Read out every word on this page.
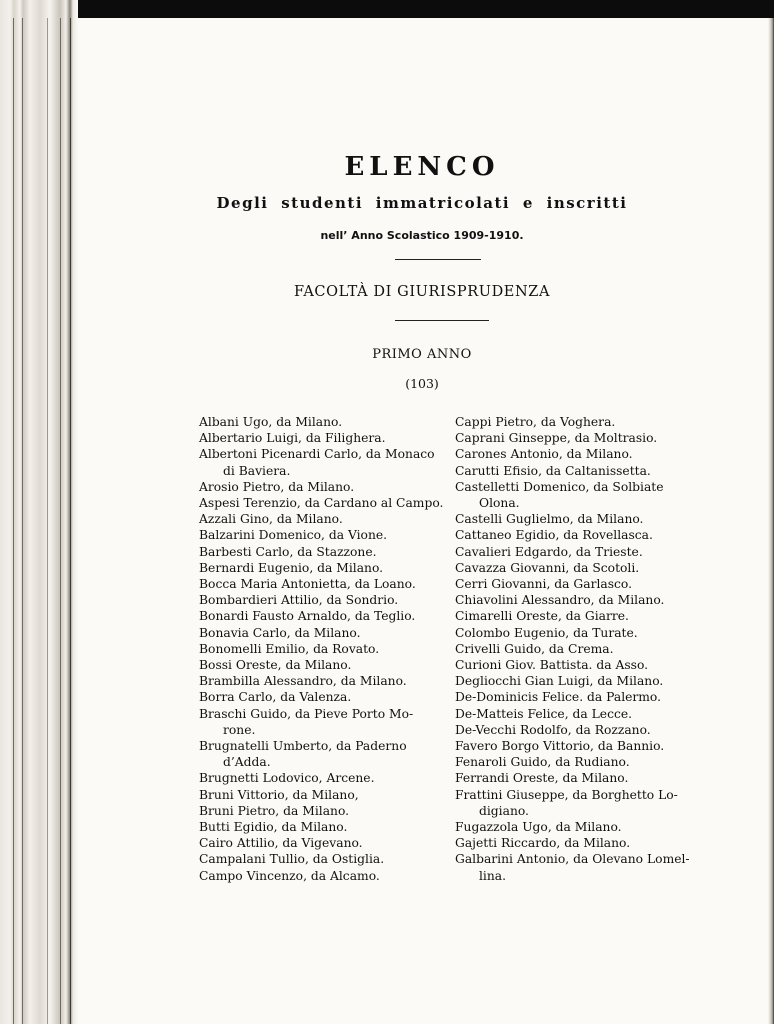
ELENCO
Degli studenti immatricolati e inscritti
nell’ Anno Scolastico 1909-1910.
FACOLTÀ DI GIURISPRUDENZA
PRIMO ANNO
(103)
Albani Ugo, da Milano.
Albertario Luigi, da Filighera.
Albertoni Picenardi Carlo, da Monaco
di Baviera.
Arosio Pietro, da Milano.
Aspesi Terenzio, da Cardano al Campo.
Azzali Gino, da Milano.
Balzarini Domenico, da Vione.
Barbesti Carlo, da Stazzone.
Bernardi Eugenio, da Milano.
Bocca Maria Antonietta, da Loano.
Bombardieri Attilio, da Sondrio.
Bonardi Fausto Arnaldo, da Teglio.
Bonavia Carlo, da Milano.
Bonomelli Emilio, da Rovato.
Bossi Oreste, da Milano.
Brambilla Alessandro, da Milano.
Borra Carlo, da Valenza.
Braschi Guido, da Pieve Porto Mo-
rone.
Brugnatelli Umberto, da Paderno
d’Adda.
Brugnetti Lodovico, Arcene.
Bruni Vittorio, da Milano,
Bruni Pietro, da Milano.
Butti Egidio, da Milano.
Cairo Attilio, da Vigevano.
Campalani Tullio, da Ostiglia.
Campo Vincenzo, da Alcamo.
Cappi Pietro, da Voghera.
Caprani Ginseppe, da Moltrasio.
Carones Antonio, da Milano.
Carutti Efisio, da Caltanissetta.
Castelletti Domenico, da Solbiate
Olona.
Castelli Guglielmo, da Milano.
Cattaneo Egidio, da Rovellasca.
Cavalieri Edgardo, da Trieste.
Cavazza Giovanni, da Scotoli.
Cerri Giovanni, da Garlasco.
Chiavolini Alessandro, da Milano.
Cimarelli Oreste, da Giarre.
Colombo Eugenio, da Turate.
Crivelli Guido, da Crema.
Curioni Giov. Battista. da Asso.
Degliocchi Gian Luigi, da Milano.
De-Dominicis Felice. da Palermo.
De-Matteis Felice, da Lecce.
De-Vecchi Rodolfo, da Rozzano.
Favero Borgo Vittorio, da Bannio.
Fenaroli Guido, da Rudiano.
Ferrandi Oreste, da Milano.
Frattini Giuseppe, da Borghetto Lo-
digiano.
Fugazzola Ugo, da Milano.
Gajetti Riccardo, da Milano.
Galbarini Antonio, da Olevano Lomel-
lina.
